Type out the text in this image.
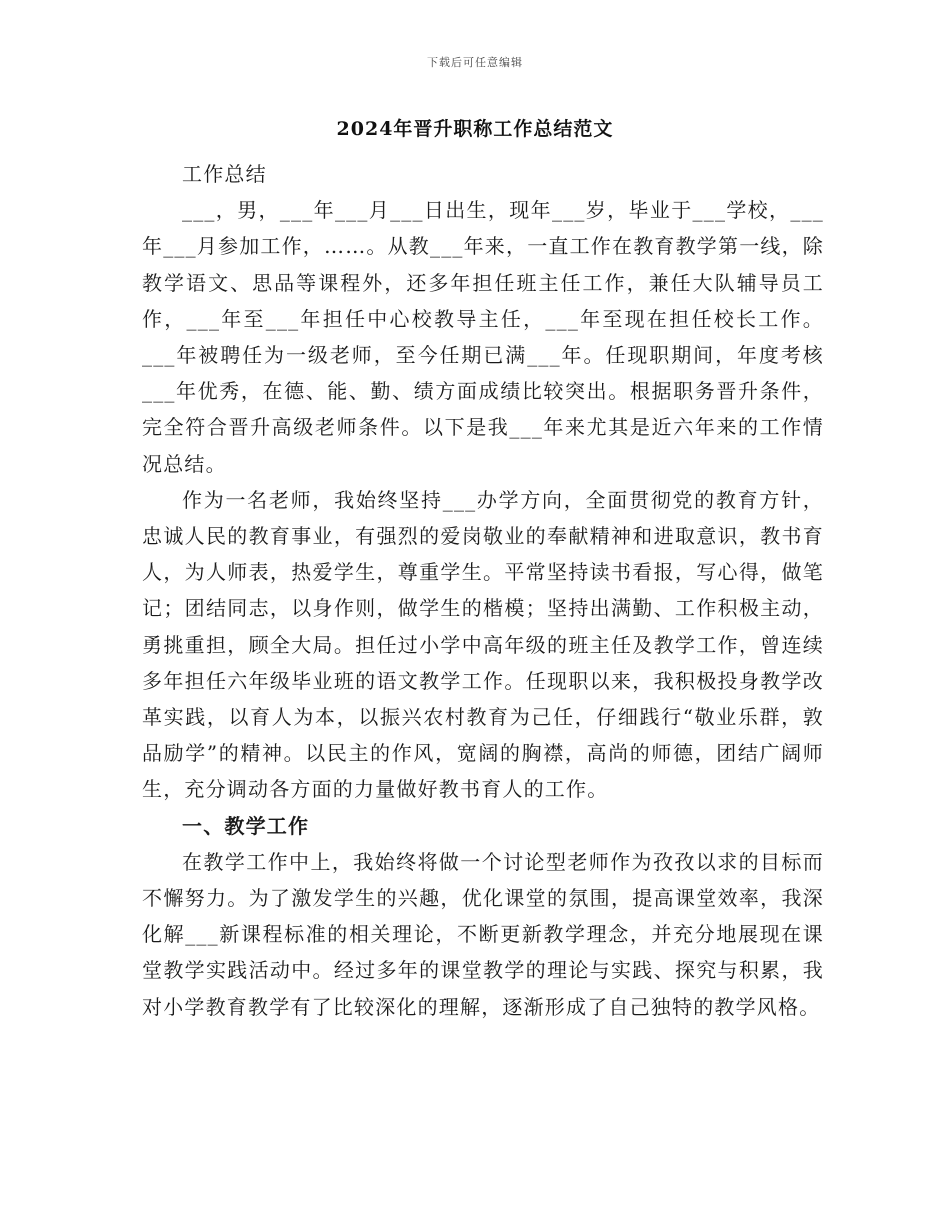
下载后可任意编辑
2024年晋升职称工作总结范文

工作总结

___，男，___年___月___日出生，现年___岁，毕业于___学校，___年___月参加工作，……。从教___年来，一直工作在教育教学第一线，除教学语文、思品等课程外，还多年担任班主任工作，兼任大队辅导员工作，___年至___年担任中心校教导主任，___年至现在担任校长工作。___年被聘任为一级老师，至今任期已满___年。任现职期间，年度考核___年优秀，在德、能、勤、绩方面成绩比较突出。根据职务晋升条件，完全符合晋升高级老师条件。以下是我___年来尤其是近六年来的工作情况总结。

作为一名老师，我始终坚持___办学方向，全面贯彻党的教育方针，忠诚人民的教育事业，有强烈的爱岗敬业的奉献精神和进取意识，教书育人，为人师表，热爱学生，尊重学生。平常坚持读书看报，写心得，做笔记；团结同志，以身作则，做学生的楷模；坚持出满勤、工作积极主动，勇挑重担，顾全大局。担任过小学中高年级的班主任及教学工作，曾连续多年担任六年级毕业班的语文教学工作。任现职以来，我积极投身教学改革实践，以育人为本，以振兴农村教育为己任，仔细践行“敬业乐群，敦品励学”的精神。以民主的作风，宽阔的胸襟，高尚的师德，团结广阔师生，充分调动各方面的力量做好教书育人的工作。

一、教学工作

在教学工作中上，我始终将做一个讨论型老师作为孜孜以求的目标而不懈努力。为了激发学生的兴趣，优化课堂的氛围，提高课堂效率，我深化解___新课程标准的相关理论，不断更新教学理念，并充分地展现在课堂教学实践活动中。经过多年的课堂教学的理论与实践、探究与积累，我对小学教育教学有了比较深化的理解，逐渐形成了自己独特的教学风格。
